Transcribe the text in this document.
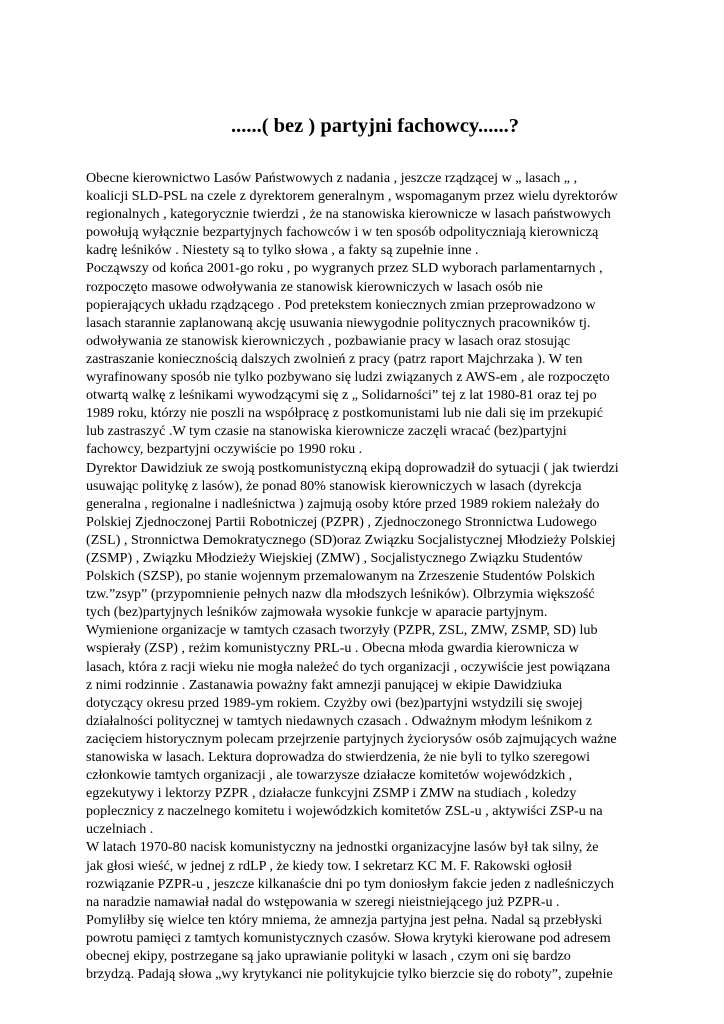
......( bez ) partyjni fachowcy......?
Obecne kierownictwo Lasów Państwowych z nadania , jeszcze rządzącej w „ lasach „ ,
koalicji SLD-PSL na czele z dyrektorem generalnym , wspomaganym przez wielu dyrektorów
regionalnych , kategorycznie twierdzi , że na stanowiska kierownicze w lasach państwowych
powołują wyłącznie bezpartyjnych fachowców i w ten sposób odpolityczniają kierowniczą
kadrę leśników . Niestety są to tylko słowa , a fakty są zupełnie inne .
Począwszy od końca 2001-go roku , po wygranych przez SLD wyborach parlamentarnych ,
rozpoczęto masowe odwoływania ze stanowisk kierowniczych w lasach osób nie
popierających układu rządzącego . Pod pretekstem koniecznych zmian przeprowadzono w
lasach starannie zaplanowaną akcję usuwania niewygodnie politycznych pracowników tj.
odwoływania ze stanowisk kierowniczych , pozbawianie pracy w lasach oraz stosując
zastraszanie koniecznością dalszych zwolnień z pracy (patrz raport Majchrzaka ). W ten
wyrafinowany sposób nie tylko pozbywano się ludzi związanych z AWS-em , ale rozpoczęto
otwartą walkę z leśnikami wywodzącymi się z „ Solidarności” tej z lat 1980-81 oraz tej po
1989 roku, którzy nie poszli na współpracę z postkomunistami lub nie dali się im przekupić
lub zastraszyć .W tym czasie na stanowiska kierownicze zaczęli wracać (bez)partyjni
fachowcy, bezpartyjni oczywiście po 1990 roku .
Dyrektor Dawidziuk ze swoją postkomunistyczną ekipą doprowadził do sytuacji ( jak twierdzi
usuwając politykę z lasów), że ponad 80% stanowisk kierowniczych w lasach (dyrekcja
generalna , regionalne i nadleśnictwa ) zajmują osoby które przed 1989 rokiem należały do
Polskiej Zjednoczonej Partii Robotniczej (PZPR) , Zjednoczonego Stronnictwa Ludowego
(ZSL) , Stronnictwa Demokratycznego (SD)oraz Związku Socjalistycznej Młodzieży Polskiej
(ZSMP) , Związku Młodzieży Wiejskiej (ZMW) , Socjalistycznego Związku Studentów
Polskich (SZSP), po stanie wojennym przemalowanym na Zrzeszenie Studentów Polskich
tzw.”zsyp” (przypomnienie pełnych nazw dla młodszych leśników). Olbrzymia większość
tych (bez)partyjnych leśników zajmowała wysokie funkcje w aparacie partyjnym.
Wymienione organizacje w tamtych czasach tworzyły (PZPR, ZSL, ZMW, ZSMP, SD) lub
wspierały (ZSP) , reżim komunistyczny PRL-u . Obecna młoda gwardia kierownicza w
lasach, która z racji wieku nie mogła należeć do tych organizacji , oczywiście jest powiązana
z nimi rodzinnie . Zastanawia poważny fakt amnezji panującej w ekipie Dawidziuka
dotyczący okresu przed 1989-ym rokiem. Czyżby owi (bez)partyjni wstydzili się swojej
działalności politycznej w tamtych niedawnych czasach . Odważnym młodym leśnikom z
zacięciem historycznym polecam przejrzenie partyjnych życiorysów osób zajmujących ważne
stanowiska w lasach. Lektura doprowadza do stwierdzenia, że nie byli to tylko szeregowi
członkowie tamtych organizacji , ale towarzysze działacze komitetów wojewódzkich ,
egzekutywy i lektorzy PZPR , działacze funkcyjni ZSMP i ZMW na studiach , koledzy
poplecznicy z naczelnego komitetu i wojewódzkich komitetów ZSL-u , aktywiści ZSP-u na
uczelniach .
W latach 1970-80 nacisk komunistyczny na jednostki organizacyjne lasów był tak silny, że
jak głosi wieść, w jednej z rdLP , że kiedy tow. I sekretarz KC M. F. Rakowski ogłosił
rozwiązanie PZPR-u , jeszcze kilkanaście dni po tym doniosłym fakcie jeden z nadleśniczych
na naradzie namawiał nadal do wstępowania w szeregi nieistniejącego już PZPR-u .
Pomyliłby się wielce ten który mniema, że amnezja partyjna jest pełna. Nadal są przebłyski
powrotu pamięci z tamtych komunistycznych czasów. Słowa krytyki kierowane pod adresem
obecnej ekipy, postrzegane są jako uprawianie polityki w lasach , czym oni się bardzo
brzydzą. Padają słowa „wy krytykanci nie politykujcie tylko bierzcie się do roboty”, zupełnie
